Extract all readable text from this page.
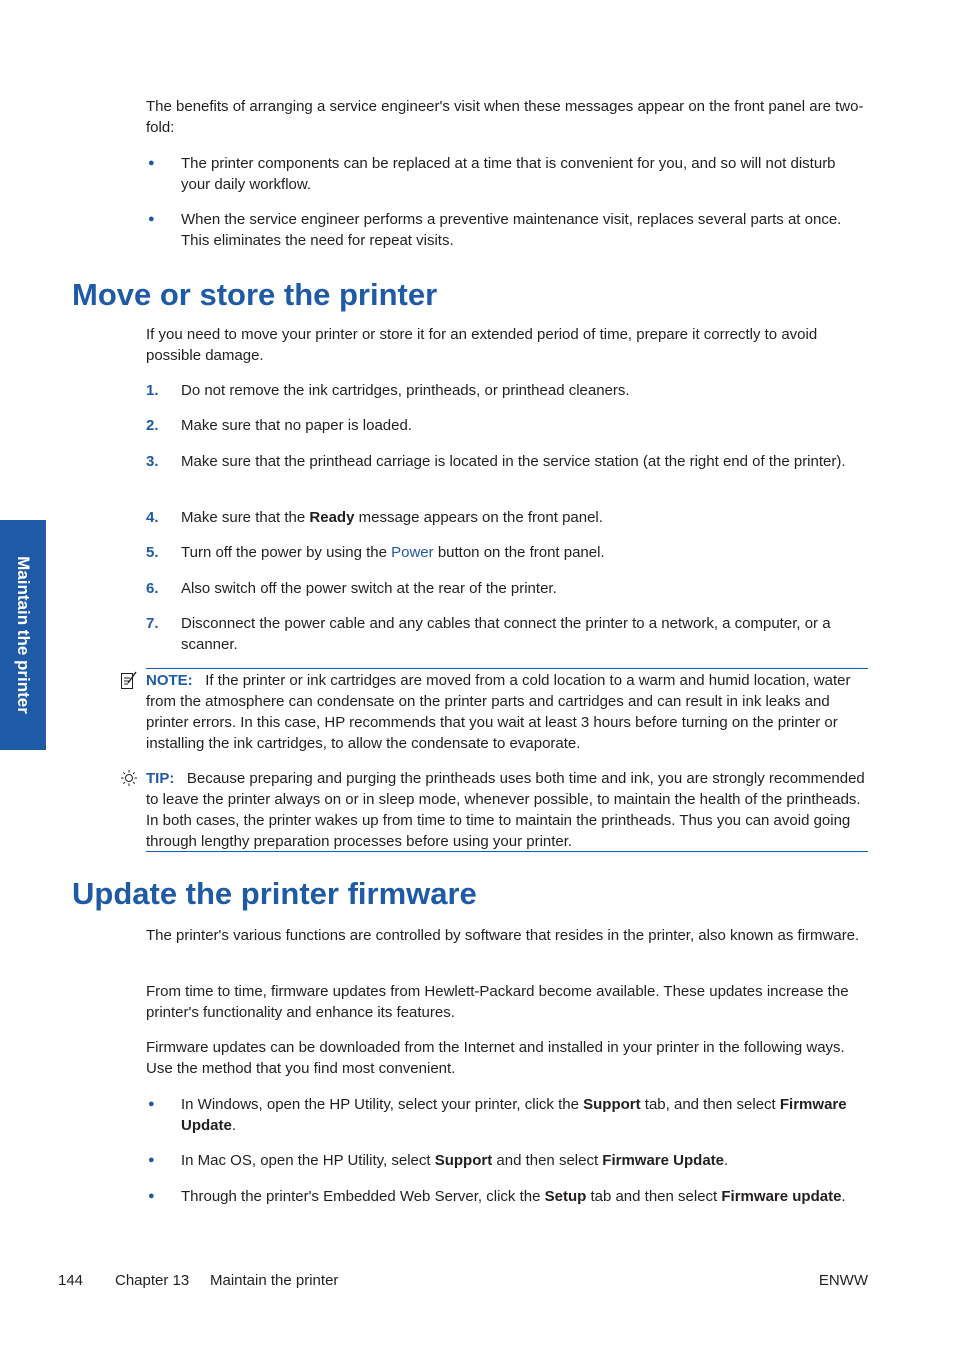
Maintain the printer

The benefits of arranging a service engineer's visit when these messages appear on the front panel are two-fold:

● The printer components can be replaced at a time that is convenient for you, and so will not disturb your daily workflow.

● When the service engineer performs a preventive maintenance visit, replaces several parts at once. This eliminates the need for repeat visits.

Move or store the printer

If you need to move your printer or store it for an extended period of time, prepare it correctly to avoid possible damage.

1. Do not remove the ink cartridges, printheads, or printhead cleaners.

2. Make sure that no paper is loaded.

3. Make sure that the printhead carriage is located in the service station (at the right end of the printer).

4. Make sure that the Ready message appears on the front panel.

5. Turn off the power by using the Power button on the front panel.

6. Also switch off the power switch at the rear of the printer.

7. Disconnect the power cable and any cables that connect the printer to a network, a computer, or a scanner.

NOTE: If the printer or ink cartridges are moved from a cold location to a warm and humid location, water from the atmosphere can condensate on the printer parts and cartridges and can result in ink leaks and printer errors. In this case, HP recommends that you wait at least 3 hours before turning on the printer or installing the ink cartridges, to allow the condensate to evaporate.

TIP: Because preparing and purging the printheads uses both time and ink, you are strongly recommended to leave the printer always on or in sleep mode, whenever possible, to maintain the health of the printheads. In both cases, the printer wakes up from time to time to maintain the printheads. Thus you can avoid going through lengthy preparation processes before using your printer.

Update the printer firmware

The printer's various functions are controlled by software that resides in the printer, also known as firmware.

From time to time, firmware updates from Hewlett-Packard become available. These updates increase the printer's functionality and enhance its features.

Firmware updates can be downloaded from the Internet and installed in your printer in the following ways. Use the method that you find most convenient.

● In Windows, open the HP Utility, select your printer, click the Support tab, and then select Firmware Update.

● In Mac OS, open the HP Utility, select Support and then select Firmware Update.

● Through the printer's Embedded Web Server, click the Setup tab and then select Firmware update.

144 Chapter 13 Maintain the printer	ENWW
